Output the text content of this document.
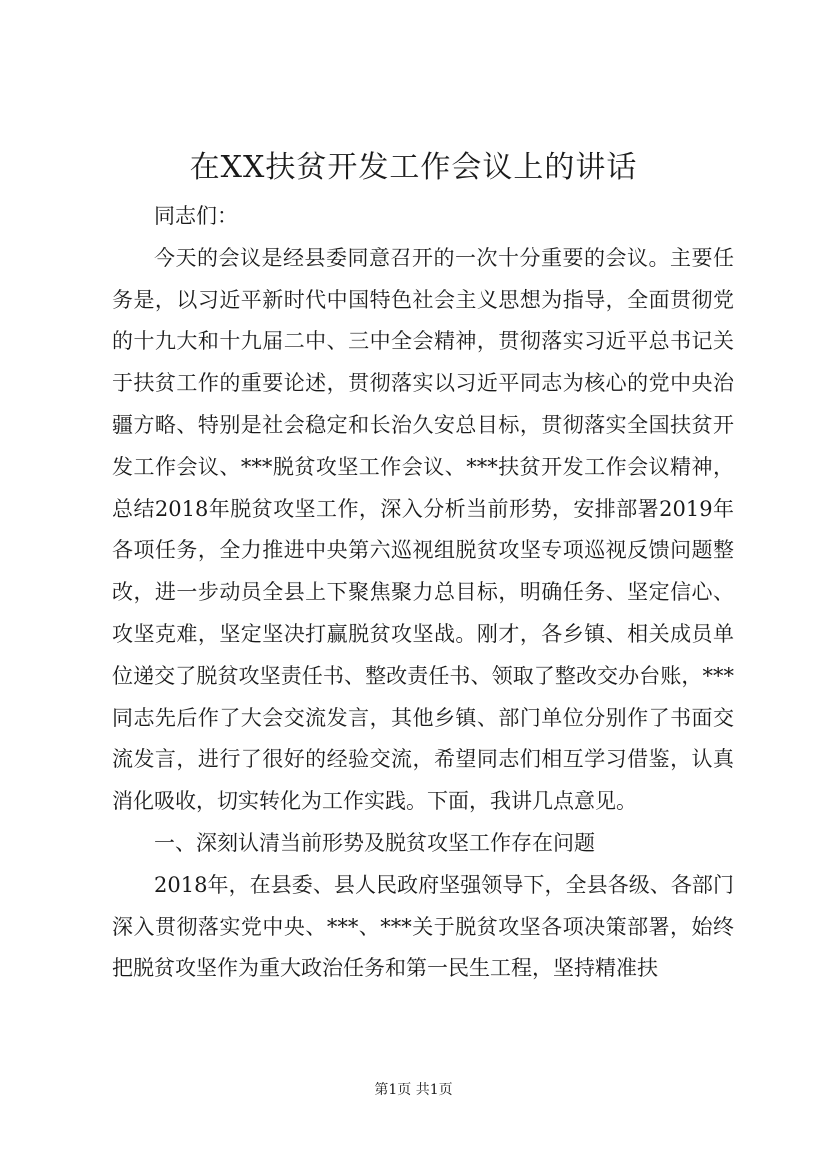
在XX扶贫开发工作会议上的讲话

同志们：

今天的会议是经县委同意召开的一次十分重要的会议。主要任务是，以习近平新时代中国特色社会主义思想为指导，全面贯彻党的十九大和十九届二中、三中全会精神，贯彻落实习近平总书记关于扶贫工作的重要论述，贯彻落实以习近平同志为核心的党中央治疆方略、特别是社会稳定和长治久安总目标，贯彻落实全国扶贫开发工作会议、***脱贫攻坚工作会议、***扶贫开发工作会议精神，总结2018年脱贫攻坚工作，深入分析当前形势，安排部署2019年各项任务，全力推进中央第六巡视组脱贫攻坚专项巡视反馈问题整改，进一步动员全县上下聚焦聚力总目标，明确任务、坚定信心、攻坚克难，坚定坚决打赢脱贫攻坚战。刚才，各乡镇、相关成员单位递交了脱贫攻坚责任书、整改责任书、领取了整改交办台账，***同志先后作了大会交流发言，其他乡镇、部门单位分别作了书面交流发言，进行了很好的经验交流，希望同志们相互学习借鉴，认真消化吸收，切实转化为工作实践。下面，我讲几点意见。

一、深刻认清当前形势及脱贫攻坚工作存在问题

2018年，在县委、县人民政府坚强领导下，全县各级、各部门深入贯彻落实党中央、***、***关于脱贫攻坚各项决策部署，始终把脱贫攻坚作为重大政治任务和第一民生工程，坚持精准扶

第1页 共1页
